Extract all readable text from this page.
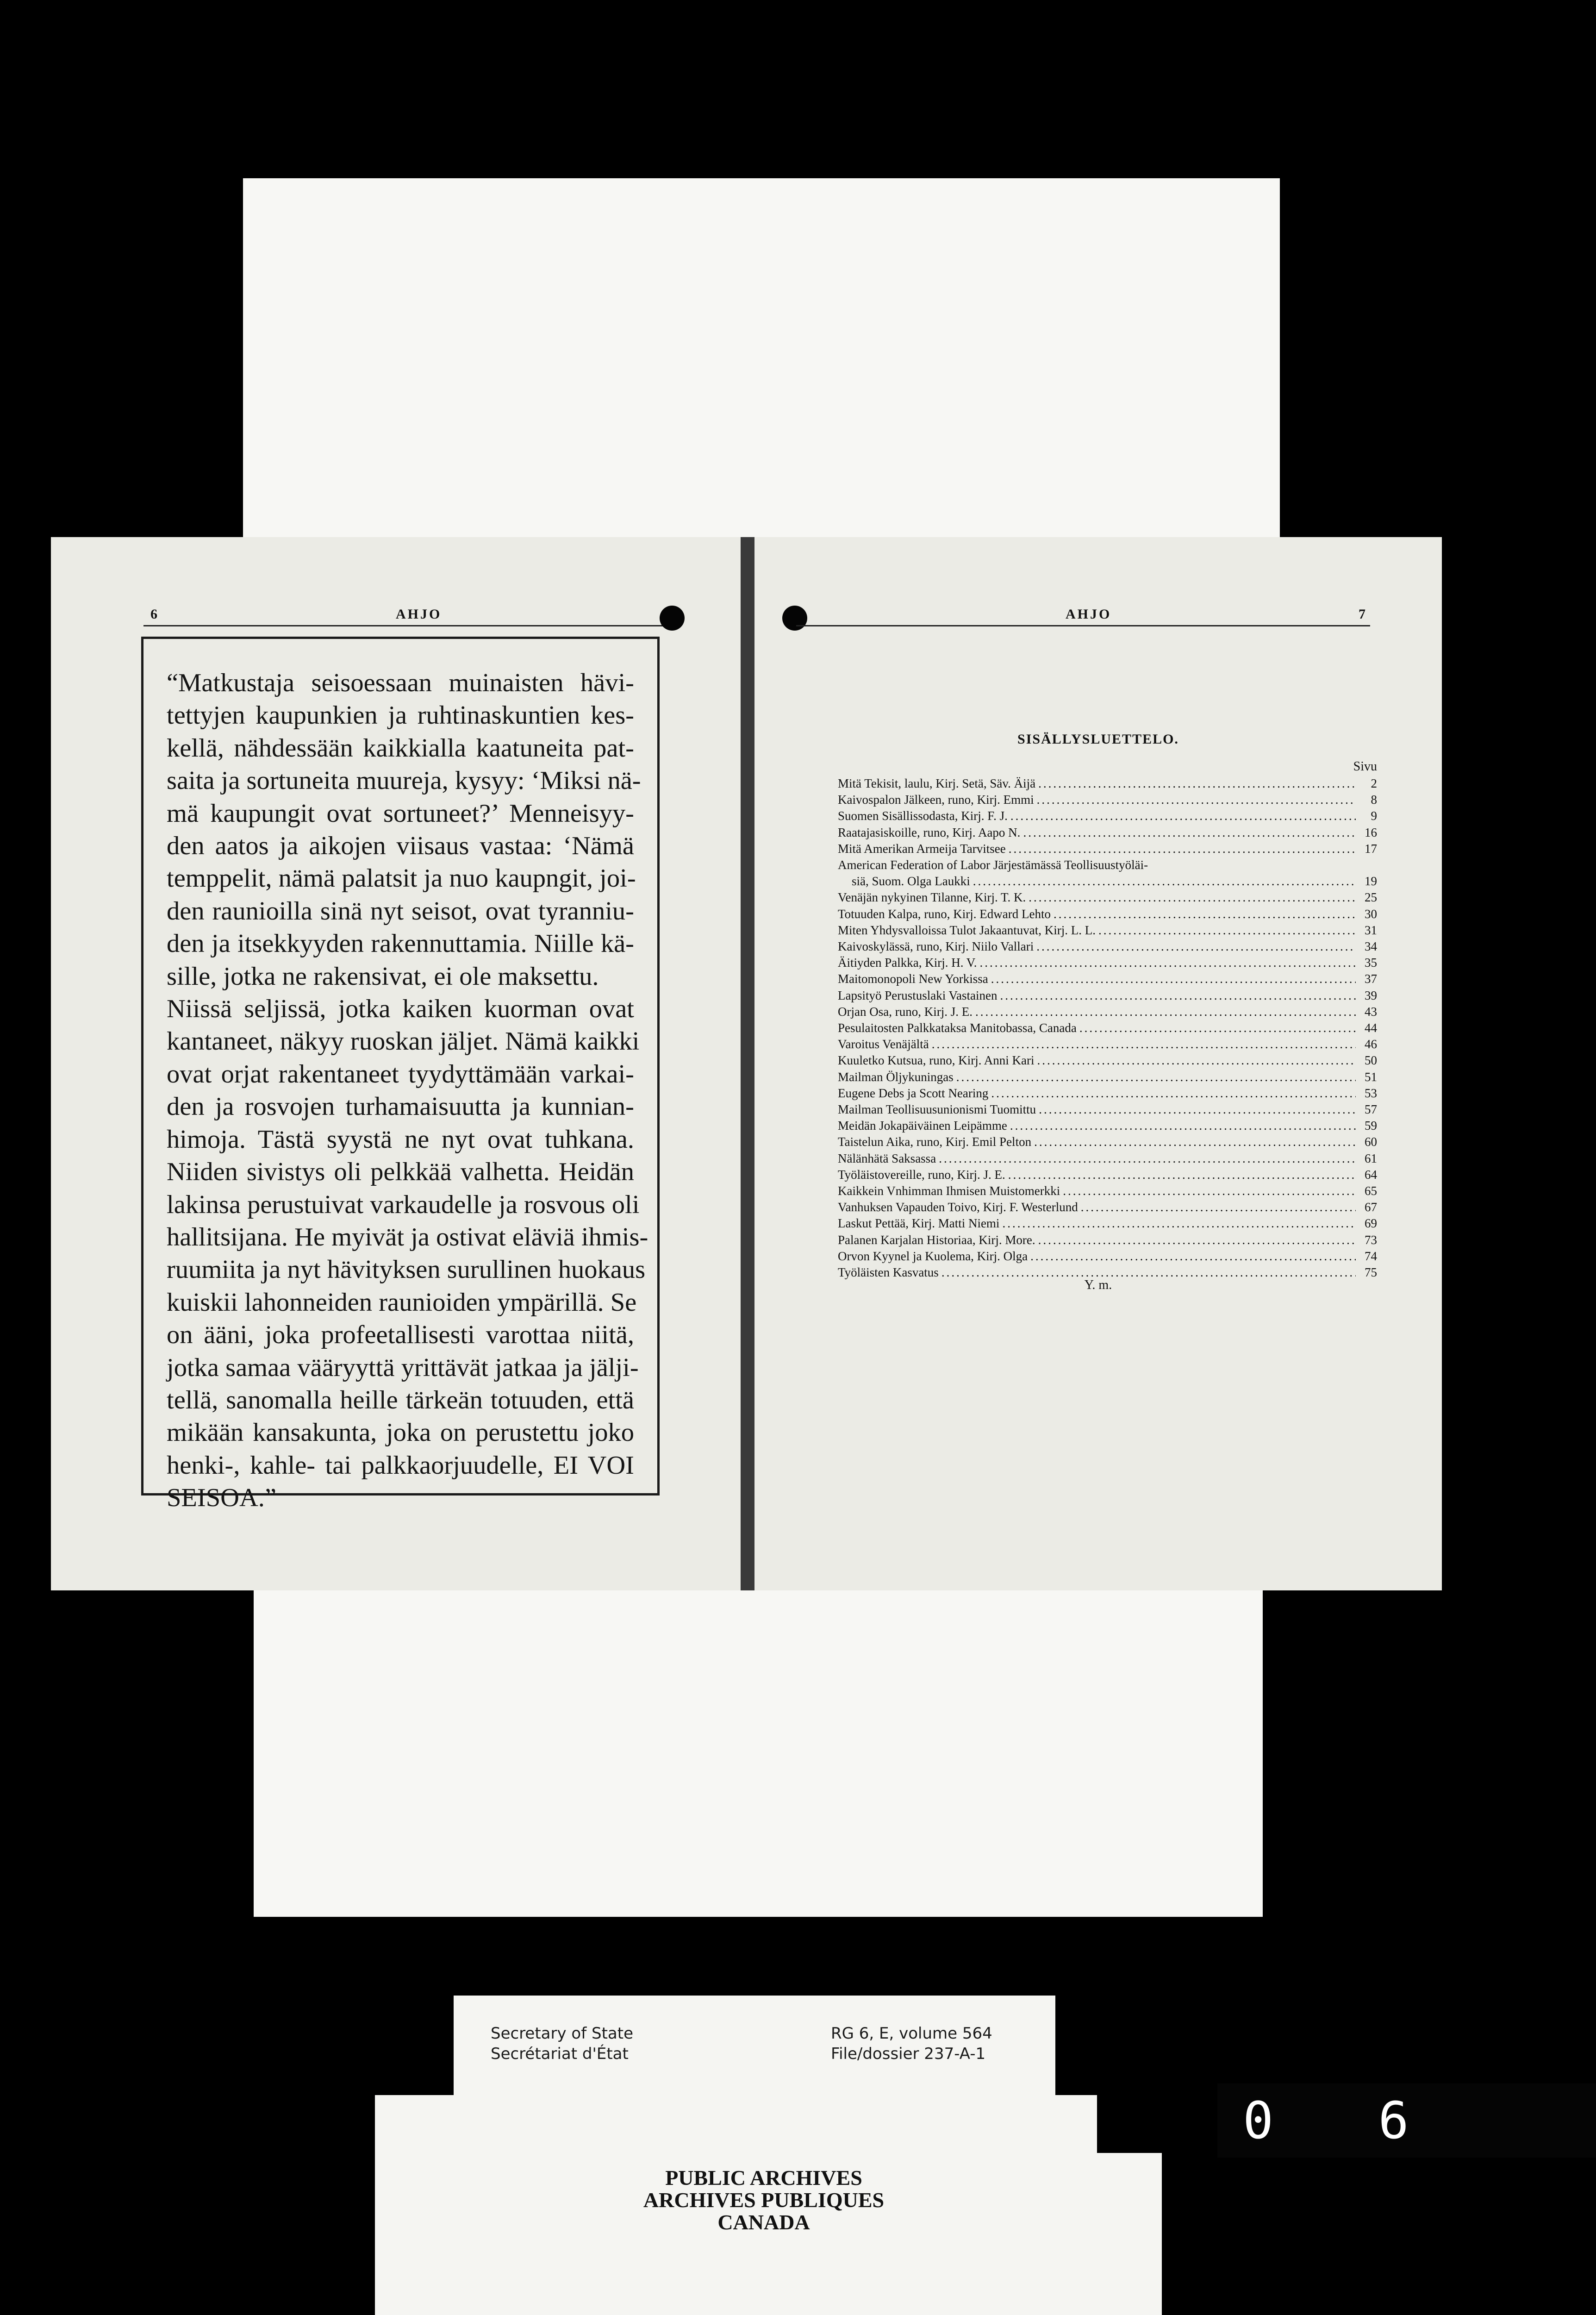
6	AHJO
“Matkustaja seisoessaan muinaisten hävi-
tettyjen kaupunkien ja ruhtinaskuntien kes-
kellä, nähdessään kaikkialla kaatuneita pat-
saita ja sortuneita muureja, kysyy: ‘Miksi nä-
mä kaupungit ovat sortuneet?’ Menneisyy-
den aatos ja aikojen viisaus vastaa: ‘Nämä
temppelit, nämä palatsit ja nuo kaupngit, joi-
den raunioilla sinä nyt seisot, ovat tyranniu-
den ja itsekkyyden rakennuttamia. Niille kä-
sille, jotka ne rakensivat, ei ole maksettu.
Niissä seljissä, jotka kaiken kuorman ovat
kantaneet, näkyy ruoskan jäljet. Nämä kaikki
ovat orjat rakentaneet tyydyttämään varkai-
den ja rosvojen turhamaisuutta ja kunnian-
himoja. Tästä syystä ne nyt ovat tuhkana.
Niiden sivistys oli pelkkää valhetta. Heidän
lakinsa perustuivat varkaudelle ja rosvous oli
hallitsijana. He myivät ja ostivat eläviä ihmis-
ruumiita ja nyt hävityksen surullinen huokaus
kuiskii lahonneiden raunioiden ympärillä. Se
on ääni, joka profeetallisesti varottaa niitä,
jotka samaa vääryyttä yrittävät jatkaa ja jälji-
tellä, sanomalla heille tärkeän totuuden, että
mikään kansakunta, joka on perustettu joko
henki-, kahle- tai palkkaorjuudelle, EI VOI
SEISOA.”
AHJO	7
SISÄLLYSLUETTELO.
Sivu
Mitä Tekisit, laulu, Kirj. Setä, Säv. Äijä .....	2
Kaivospalon Jälkeen, runo, Kirj. Emmi .....	8
Suomen Sisällissodasta, Kirj. F. J. .....	9
Raatajasiskoille, runo, Kirj. Aapo N. .....	16
Mitä Amerikan Armeija Tarvitsee .....	17
American Federation of Labor Järjestämässä Teollisuustyöläi-
siä, Suom. Olga Laukki .....	19
Venäjän nykyinen Tilanne, Kirj. T. K. .....	25
Totuuden Kalpa, runo, Kirj. Edward Lehto .....	30
Miten Yhdysvalloissa Tulot Jakaantuvat, Kirj. L. L. .....	31
Kaivoskylässä, runo, Kirj. Niilo Vallari .....	34
Äitiyden Palkka, Kirj. H. V. .....	35
Maitomonopoli New Yorkissa .....	37
Lapsityö Perustuslaki Vastainen .....	39
Orjan Osa, runo, Kirj. J. E. .....	43
Pesulaitosten Palkkataksa Manitobassa, Canada .....	44
Varoitus Venäjältä .....	46
Kuuletko Kutsua, runo, Kirj. Anni Kari .....	50
Mailman Öljykuningas .....	51
Eugene Debs ja Scott Nearing .....	53
Mailman Teollisuusunionismi Tuomittu .....	57
Meidän Jokapäiväinen Leipämme .....	59
Taistelun Aika, runo, Kirj. Emil Pelton .....	60
Nälänhätä Saksassa .....	61
Työläistovereille, runo, Kirj. J. E. .....	64
Kaikkein Vnhimman Ihmisen Muistomerkki .....	65
Vanhuksen Vapauden Toivo, Kirj. F. Westerlund .....	67
Laskut Pettää, Kirj. Matti Niemi .....	69
Palanen Karjalan Historiaa, Kirj. More. .....	73
Orvon Kyynel ja Kuolema, Kirj. Olga .....	74
Työläisten Kasvatus .....	75
Y. m.
Secretary of State
Secrétariat d'État
RG 6, E, volume 564
File/dossier 237-A-1
PUBLIC ARCHIVES
ARCHIVES PUBLIQUES
CANADA
0 6
